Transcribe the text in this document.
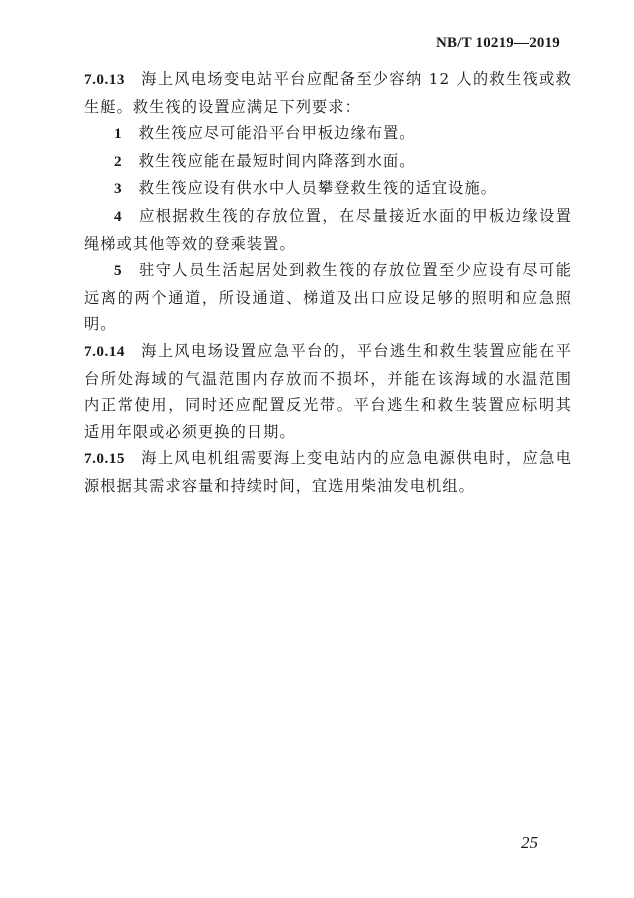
NB/T 10219—2019

7.0.13 海上风电场变电站平台应配备至少容纳 12 人的救生筏或救生艇。救生筏的设置应满足下列要求：

1 救生筏应尽可能沿平台甲板边缘布置。

2 救生筏应能在最短时间内降落到水面。

3 救生筏应设有供水中人员攀登救生筏的适宜设施。

4 应根据救生筏的存放位置，在尽量接近水面的甲板边缘设置绳梯或其他等效的登乘装置。

5 驻守人员生活起居处到救生筏的存放位置至少应设有尽可能远离的两个通道，所设通道、梯道及出口应设足够的照明和应急照明。

7.0.14 海上风电场设置应急平台的，平台逃生和救生装置应能在平台所处海域的气温范围内存放而不损坏，并能在该海域的水温范围内正常使用，同时还应配置反光带。平台逃生和救生装置应标明其适用年限或必须更换的日期。

7.0.15 海上风电机组需要海上变电站内的应急电源供电时，应急电源根据其需求容量和持续时间，宜选用柴油发电机组。

25
